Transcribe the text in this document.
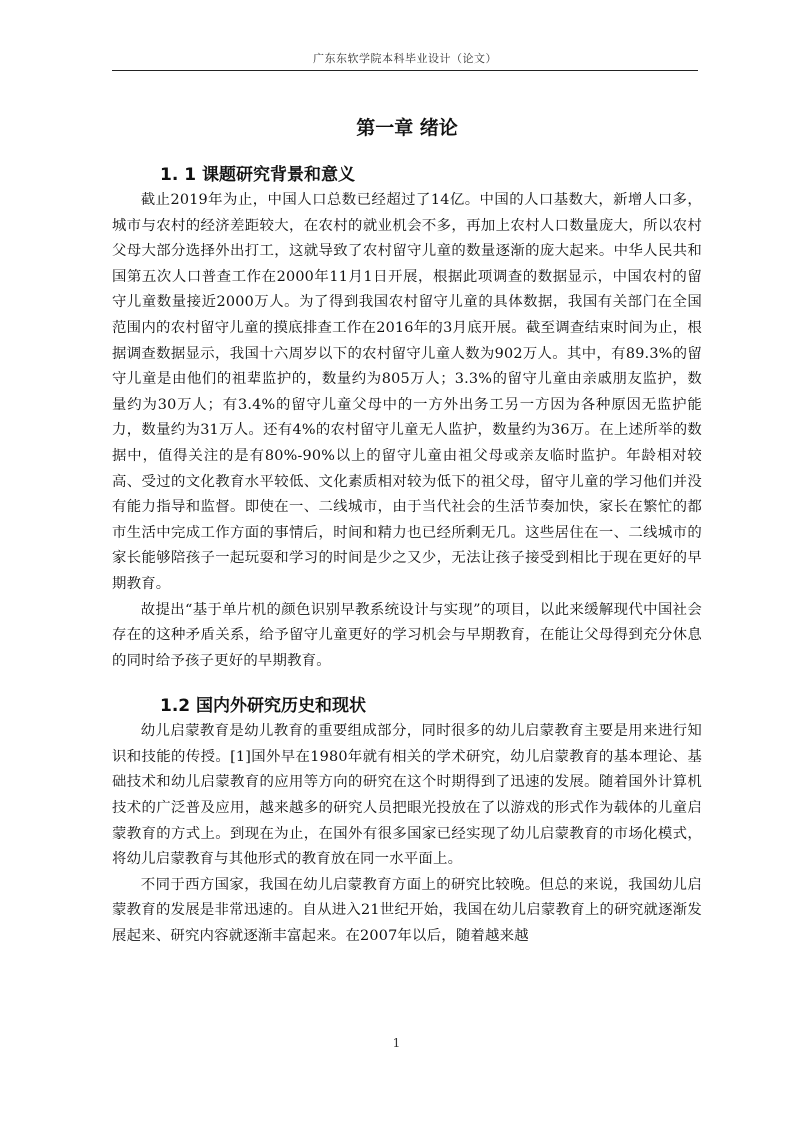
广东东软学院本科毕业设计（论文）
第一章 绪论
1. 1 课题研究背景和意义

截止2019年为止，中国人口总数已经超过了14亿。中国的人口基数大，新增人口多，城市与农村的经济差距较大，在农村的就业机会不多，再加上农村人口数量庞大，所以农村父母大部分选择外出打工，这就导致了农村留守儿童的数量逐渐的庞大起来。中华人民共和国第五次人口普查工作在2000年11月1日开展，根据此项调查的数据显示，中国农村的留守儿童数量接近2000万人。为了得到我国农村留守儿童的具体数据，我国有关部门在全国范围内的农村留守儿童的摸底排查工作在2016年的3月底开展。截至调查结束时间为止，根据调查数据显示，我国十六周岁以下的农村留守儿童人数为902万人。其中，有89.3%的留守儿童是由他们的祖辈监护的，数量约为805万人；3.3%的留守儿童由亲戚朋友监护，数量约为30万人；有3.4%的留守儿童父母中的一方外出务工另一方因为各种原因无监护能力，数量约为31万人。还有4%的农村留守儿童无人监护，数量约为36万。在上述所举的数据中，值得关注的是有80%-90%以上的留守儿童由祖父母或亲友临时监护。年龄相对较高、受过的文化教育水平较低、文化素质相对较为低下的祖父母，留守儿童的学习他们并没有能力指导和监督。即使在一、二线城市，由于当代社会的生活节奏加快，家长在繁忙的都市生活中完成工作方面的事情后，时间和精力也已经所剩无几。这些居住在一、二线城市的家长能够陪孩子一起玩耍和学习的时间是少之又少，无法让孩子接受到相比于现在更好的早期教育。

故提出“基于单片机的颜色识别早教系统设计与实现”的项目，以此来缓解现代中国社会存在的这种矛盾关系，给予留守儿童更好的学习机会与早期教育，在能让父母得到充分休息的同时给予孩子更好的早期教育。

1.2 国内外研究历史和现状

幼儿启蒙教育是幼儿教育的重要组成部分，同时很多的幼儿启蒙教育主要是用来进行知识和技能的传授。[1]国外早在1980年就有相关的学术研究，幼儿启蒙教育的基本理论、基础技术和幼儿启蒙教育的应用等方向的研究在这个时期得到了迅速的发展。随着国外计算机技术的广泛普及应用，越来越多的研究人员把眼光投放在了以游戏的形式作为载体的儿童启蒙教育的方式上。到现在为止，在国外有很多国家已经实现了幼儿启蒙教育的市场化模式，将幼儿启蒙教育与其他形式的教育放在同一水平面上。

不同于西方国家，我国在幼儿启蒙教育方面上的研究比较晚。但总的来说，我国幼儿启蒙教育的发展是非常迅速的。自从进入21世纪开始，我国在幼儿启蒙教育上的研究就逐渐发展起来、研究内容就逐渐丰富起来。在2007年以后，随着越来越

1
